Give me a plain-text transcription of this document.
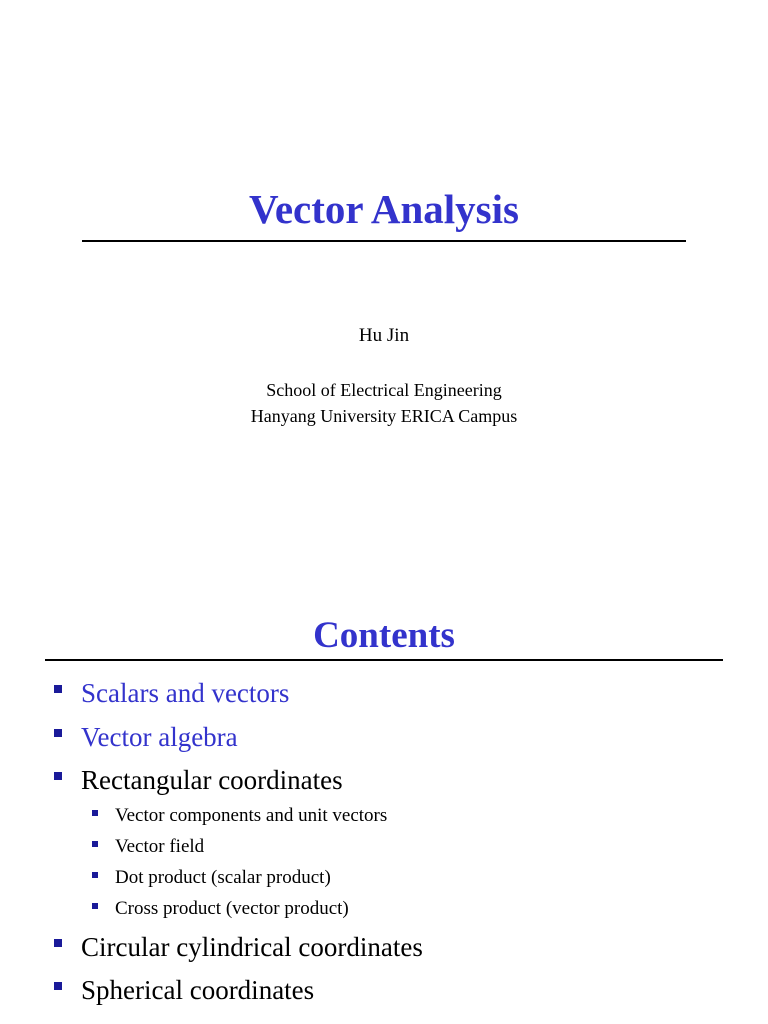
Vector Analysis
Hu Jin
School of Electrical Engineering
Hanyang University ERICA Campus
Contents
Scalars and vectors
Vector algebra
Rectangular coordinates
Vector components and unit vectors
Vector field
Dot product (scalar product)
Cross product (vector product)
Circular cylindrical coordinates
Spherical coordinates
